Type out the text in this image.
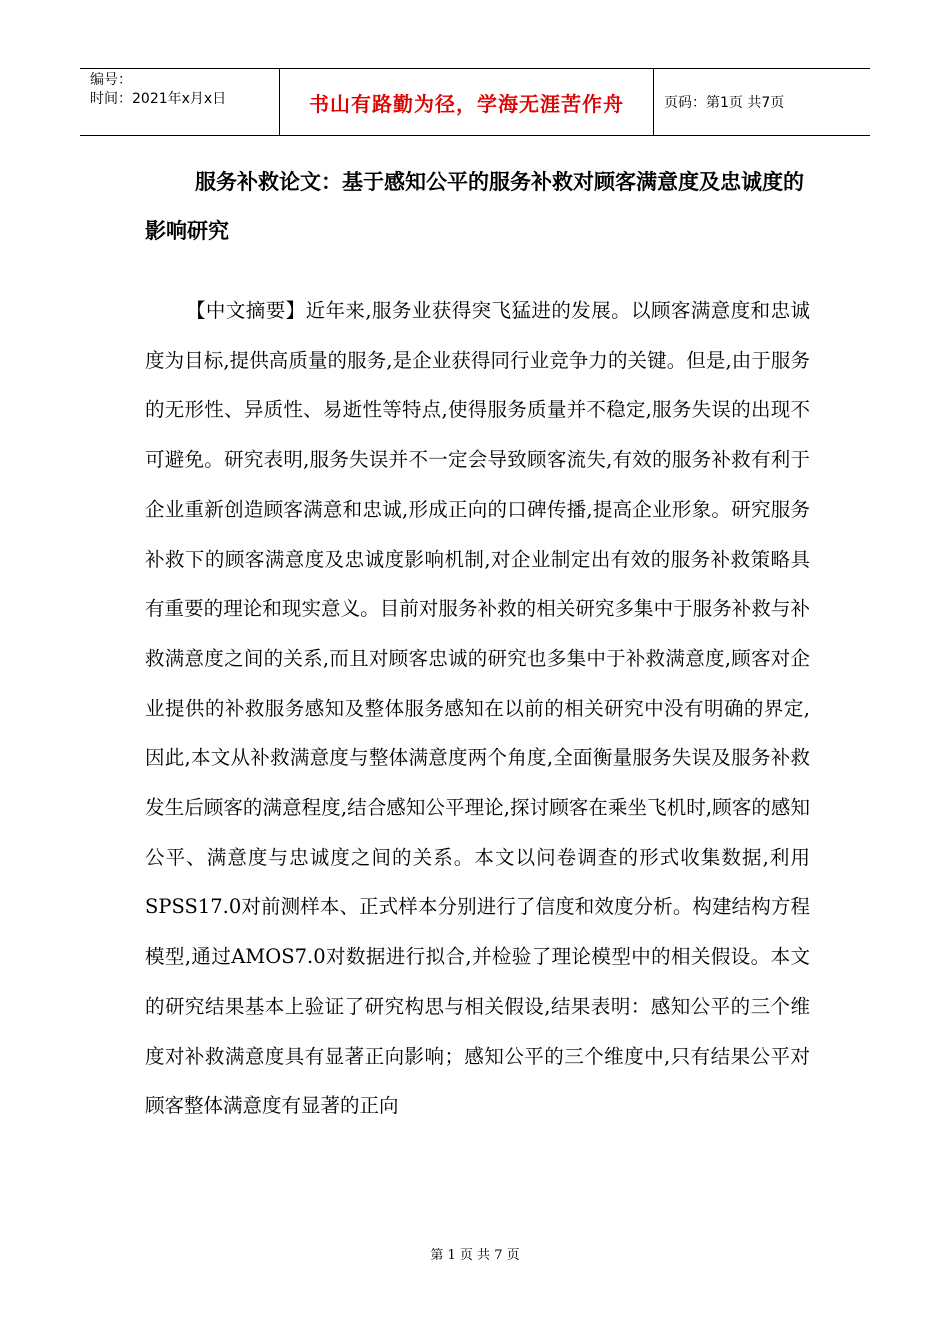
编号：
时间：2021年x月x日	书山有路勤为径，学海无涯苦作舟	页码：第1页 共7页
服务补救论文：基于感知公平的服务补救对顾客满意度及忠诚度的影响研究

【中文摘要】近年来,服务业获得突飞猛进的发展。以顾客满意度和忠诚度为目标,提供高质量的服务,是企业获得同行业竞争力的关键。但是,由于服务的无形性、异质性、易逝性等特点,使得服务质量并不稳定,服务失误的出现不可避免。研究表明,服务失误并不一定会导致顾客流失,有效的服务补救有利于企业重新创造顾客满意和忠诚,形成正向的口碑传播,提高企业形象。研究服务补救下的顾客满意度及忠诚度影响机制,对企业制定出有效的服务补救策略具有重要的理论和现实意义。目前对服务补救的相关研究多集中于服务补救与补救满意度之间的关系,而且对顾客忠诚的研究也多集中于补救满意度,顾客对企业提供的补救服务感知及整体服务感知在以前的相关研究中没有明确的界定,因此,本文从补救满意度与整体满意度两个角度,全面衡量服务失误及服务补救发生后顾客的满意程度,结合感知公平理论,探讨顾客在乘坐飞机时,顾客的感知公平、满意度与忠诚度之间的关系。本文以问卷调查的形式收集数据,利用SPSS17.0对前测样本、正式样本分别进行了信度和效度分析。构建结构方程模型,通过AMOS7.0对数据进行拟合,并检验了理论模型中的相关假设。本文的研究结果基本上验证了研究构思与相关假设,结果表明：感知公平的三个维度对补救满意度具有显著正向影响；感知公平的三个维度中,只有结果公平对顾客整体满意度有显著的正向

第 1 页 共 7 页
